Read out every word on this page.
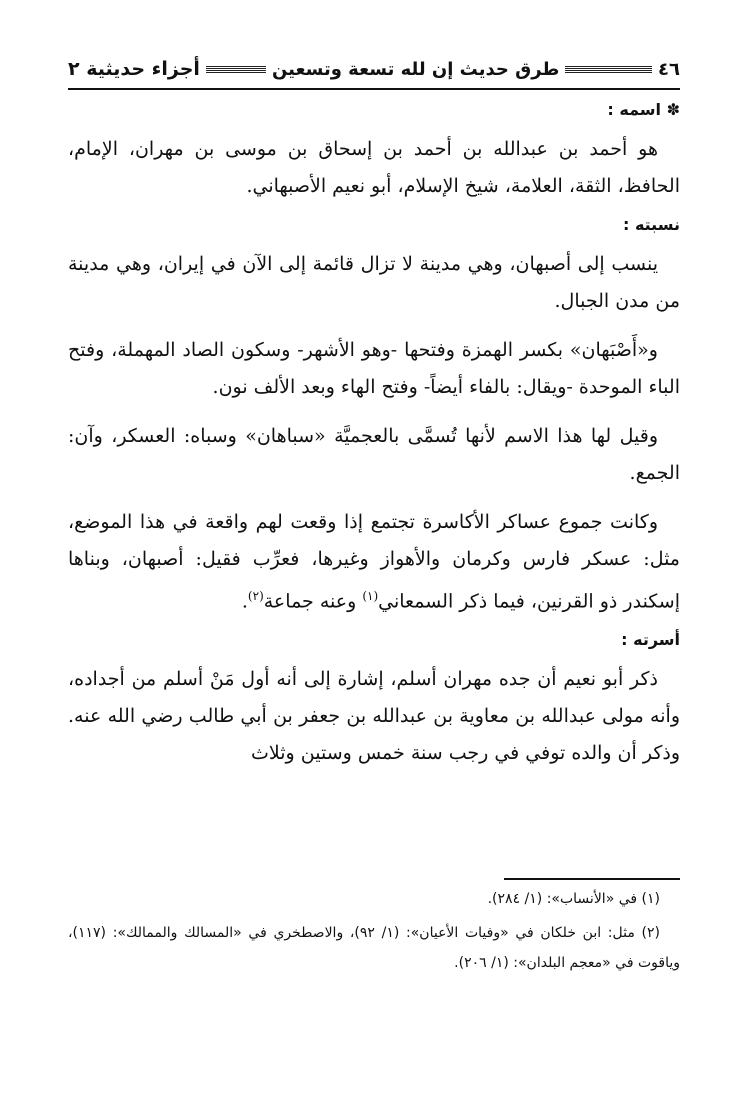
٤٦
طرق حديث إن لله تسعة وتسعين
أجزاء حديثية ٢
✽ اسمه :

هو أحمد بن عبدالله بن أحمد بن إسحاق بن موسى بن مهران، الإمام، الحافظ، الثقة، العلامة، شيخ الإسلام، أبو نعيم الأصبهاني.

نسبته :

ينسب إلى أصبهان، وهي مدينة لا تزال قائمة إلى الآن في إيران، وهي مدينة من مدن الجبال.

و«أَصْبَهان» بكسر الهمزة وفتحها -وهو الأشهر- وسكون الصاد المهملة، وفتح الباء الموحدة -ويقال: بالفاء أيضاً- وفتح الهاء وبعد الألف نون.

وقيل لها هذا الاسم لأنها تُسمَّى بالعجميَّة «سباهان» وسباه: العسكر، وآن: الجمع.

وكانت جموع عساكر الأكاسرة تجتمع إذا وقعت لهم واقعة في هذا الموضع، مثل: عسكر فارس وكرمان والأهواز وغيرها، فعرِّب فقيل: أصبهان، وبناها إسكندر ذو القرنين، فيما ذكر السمعاني$^{(١)}$ وعنه جماعة$^{(٢)}$.

أسرته :

ذكر أبو نعيم أن جده مهران أسلم، إشارة إلى أنه أول مَنْ أسلم من أجداده، وأنه مولى عبدالله بن معاوية بن عبدالله بن جعفر بن أبي طالب رضي الله عنه. وذكر أن والده توفي في رجب سنة خمس وستين وثلاث

(١) في «الأنساب»: (١/ ٢٨٤).
(٢) مثل: ابن خلكان في «وفيات الأعيان»: (١/ ٩٢)، والاصطخري في «المسالك والممالك»: (١١٧)، وياقوت في «معجم البلدان»: (١/ ٢٠٦).
